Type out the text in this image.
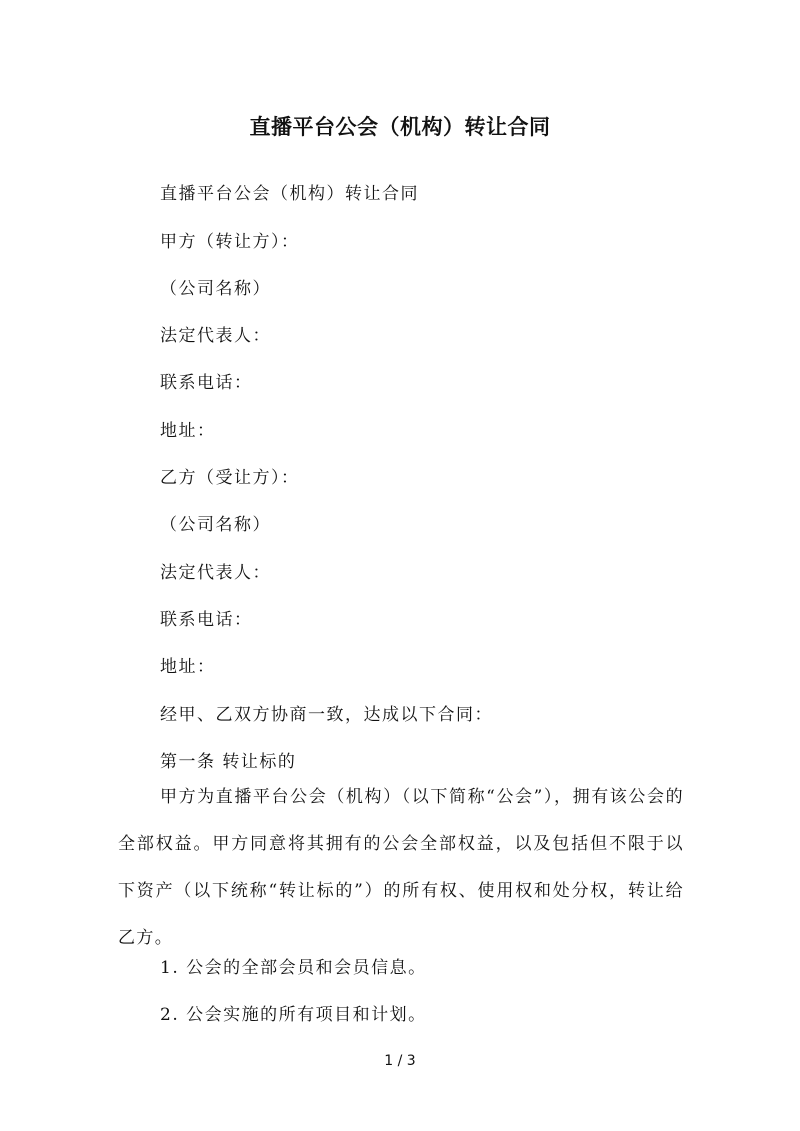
直播平台公会（机构）转让合同
直播平台公会（机构）转让合同
甲方（转让方）：
（公司名称）
法定代表人：
联系电话：
地址：
乙方（受让方）：
（公司名称）
法定代表人：
联系电话：
地址：
经甲、乙双方协商一致，达成以下合同：
第一条 转让标的
甲方为直播平台公会（机构）（以下简称“公会”），拥有该公会的全部权益。甲方同意将其拥有的公会全部权益，以及包括但不限于以下资产（以下统称“转让标的”）的所有权、使用权和处分权，转让给乙方。
1. 公会的全部会员和会员信息。
2. 公会实施的所有项目和计划。
1 / 3
